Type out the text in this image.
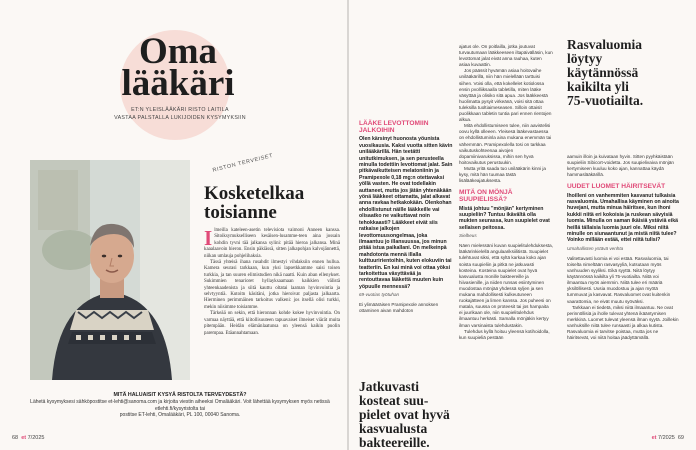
Oma
lääkäri
ET:N YLEISLÄÄKÄRI RISTO LAITILA
VASTAA PALSTALLA LUKIJOIDEN KYSYMYKSIIN
RISTON TERVEISET
Kosketelkaa
toisianne

Ilmeilla kateleen-asetin televisiota vaimoni Anneen kanssa. Sitoiksymukselliseen kesäisen-lusamme-teen aina jossain kohdin tyvni tää jalkansa sylini: pitää hieroa jalkansa. Minä kaaalaavoin hieron. Ensin päkiässä, sitten jalkapohjan kalvojännettä, niikan umlauja pohjelihaksia.

Tässä yhteisä ihana rusahdit ilmestyi vihdaksiin ennen hullua. Kamera seurasi tarkkaan, kun yksi lapsetkkamme saisi toisen turkkia, ja tan suuren elimistudien nikä naatti. Kuin aban ellenykset. Sukimmien tenarioret hyllayksaamaan kaikkien välistä yhteenkaadenista ja siitä kauttu oltatai laaman hyvinvointia ja selvtyyntiä. Kutoitn käsitäni, jotka hieroivat paljasta jalkaarta. Hierminen perimmäinen tarkoitus valkeni: jos itsellä olisi turkki, mekin niisimme toisiamme.

Tärkeää on sekin, että hieronnan kohde kokee hyvinvointia. On varmaa näyttää, että kiitollisuuteen tapuavaiset ilmeiset viärät muita pitempään. Heidän elämänlaatunsa on yleensä kaikin puolin parempaa. Etäannahtamaan.

MITÄ HALUAISIT KYSYÄ RISTOLTA TERVEYDESTÄ?
Lähetä kysymyksesi sähköpostitse et-lehti@sanoma.com ja kirjoita viestin aiheeksi Omalääkäri. Voit lähettää kysymyksen myös netissä etlehti.fi/kysyristolta tai
postitse ET-lehti, Omalääkäri, PL 100, 00040 Sanoma.
68 et 7/2025
LÄÄKE LEVOTTOMIIN JALKOIHIN
Olen kärsinyt huonosta yöunista vuosikausia. Kaksi vuotta sitten kävin unilääkärillä. Hän teetätti unitutkimuksen, ja sen perusteella minulla todettiin levottomat jalat. Sain pitkävaikutteisen melatoniinin ja Pramipexole 0,18 mg:n otettavaksi yöllä vasten. He ovat todellakin auttaneet, mutta jos jätän yhtenäkään yönä lääkkeet ottamatta, jalat alkavat anna ravkaa hetkakokään. Olenkohan ehdollistunut näille lääkkeille vai olisaatko ne vaikuttavat noin tehokkaasti? Lääkkeet eivät siis ratkaise jalkojen levottomuusongelmaa, joka ilmaantuu jo illansuussa, jos minun pitää istua paikallani. On melkeinpä mahdotonta mennä illalla kulttuuririentoihin, kuten elokuviin tai teatteriin. En kai minä voi ottaa yöksi tarkoitettua väsyttävää ja rentouttavaa lääkettä muuten kuin yöpuulle mennessä?
69-vuotias työtuhan

Ei ylimääräisen Pramipexole annoksen ottaminen aivan mahdoton

Jatkuvasti
kosteat suu-
pielet ovat hyvä
kasvualusta
bakteereille.

ajatus ole. On poitlailla, jotka joutuvat turvautumaan lääkkeeseen iltapäivälläsin, kun levottomat jalat eivät anna rauhaa, kuten asiaa kuvaattin.

Jos päässit hyvämän asiaa hoitovaihe unilääkärillä, niin hän mielellään tarttuisi siihen. Voisi olla, että kokellelet kotiolossa ensin pvolliiksaalla tabletilla, miten lääke väsyttää ja olisiko sitä apua. Jos lääkkeestä huolimatta pysyit virkeänä, voisi sitä ottaa tuleksilla tuoltiaimeseasen. Silloin ottaisit puolikkaan tabletin tuntia pari ennen rientojen alkua.

Mitä ehdollistumiseen tulee, niin aavistelisi oovu kyllä olleeen. Yleisesä lääkevastaessa on ehdollistuminla aina mukana enemmän tai vähemmän. Pramipexolella tosi on tarkkaa vaikutuskohteenaa aivojen dopamiinivaruksissa, mihin sen hyvä hoitovaikutus perustuukin.

Mutta yritä saada tuo unilääkärin kinni ja kysy, mitä hän tuumaa tästä lisälääkeajatuksesta.

MITÄ ON MÖNJÄ SUUPIELISSÄ?
Mistä johtuu "mönjän" kertyminen suupieliin? Tuntuu ikävältä olla mukten seurassa, kun suupielet ovat sellaisen peitossa.
Sielbeus

Näen mielessäni kuvan suupielitulehduksesta, lääkärinkielellä angulaariksiilitistä. Suupielet tulehtuvat siksi, että syltä karkaa koko ajan soista suupieliin ja pitkä ne jatkuvasti kosteina. Kosteina suupielet ovat hyvä kasvualusta monille bakteereille ja hiivasienille, ja niiden runsas esiintyminen muodostaa mönjää yhdessä syljen ja sen mukana mahdollisesti kulkeutuneen ruokajätteen ja limen kanssa. Jos puheesi on matala, suussa on proteesit tai jos hampaita ei juurikaan ole, niin suupielitulehdus ilmaantuu herkästi. Samalla mönjäkin kertyy ilman varsinaista tulehdustakin.

Tulehdus kyllä hoituu yleensä kotihoidolla, kun suupieliä pestään

Rasvaluomia
löytyy
käytännössä
kaikilta yli
75-vuotiailta.

aamuin illoin ja kuivataan hyvin. Sitten pyyhkäistään suupieliin Sibicort-voidetta. Jos suupielivaiva mönjän kertymiseen kuuluu koko ajan, kannattaa käydä hammaslääkärillä.

UUDET LUOMET HÄIRITSEVÄT
Ihoilleni on vanhemmiten kasvanut tulkaisia rasvaluomia. Umahallisa käyminen on ainoita huvejani, mutta minua häiritsee, kun ihoni kukkii niitä eri kokoisia ja ruskean sävyisiä luomia. Minulla on saman ikäisiä ystäviä eikä heillä tällaisia luomia juuri ole. Miksi niitä minulle on siunaantunut ja mistä niitä tulee? Voinko millään estää, ettei niitä tulisi?
Umahallisten ystävä venhta

Valitettavasti luomia ei voi estää. Rasvaluomia, tai toiselta nimeltään rasvasyyliä, kutsutaan myös vanhuuden syyliksi. Eikä syyttä. Niitä löytyy käytännössä kaikilta yli 75-vuotiailta. Niitä voi ilmaantua myös aiemmin. Niitä tulee eri määriä yksilöllisesti. Uusia muodostuu ja ajan myötä tummuvat ja kasvavat. Rasvaluomet ovat kuitenkin vaarattomia, ne eivät muutu syöväksi.

Tarkkaan ei tiedetä, miksi niitä ilmaantuu. Ne ovat perinnöllisiä ja iholle tulevat yhtenä ikääntymisen merkkinä. Luomet tulevat yleensä ilman syytä. Joillekin vanhuksille niitä tulee runsaasti ja alkaa kutista. Rasvaluomia ei tarvitse poistaa, mutta jos ne häiritsevät, voi niitä hoitaa jäädyttämällä.

et 7/2025 69
